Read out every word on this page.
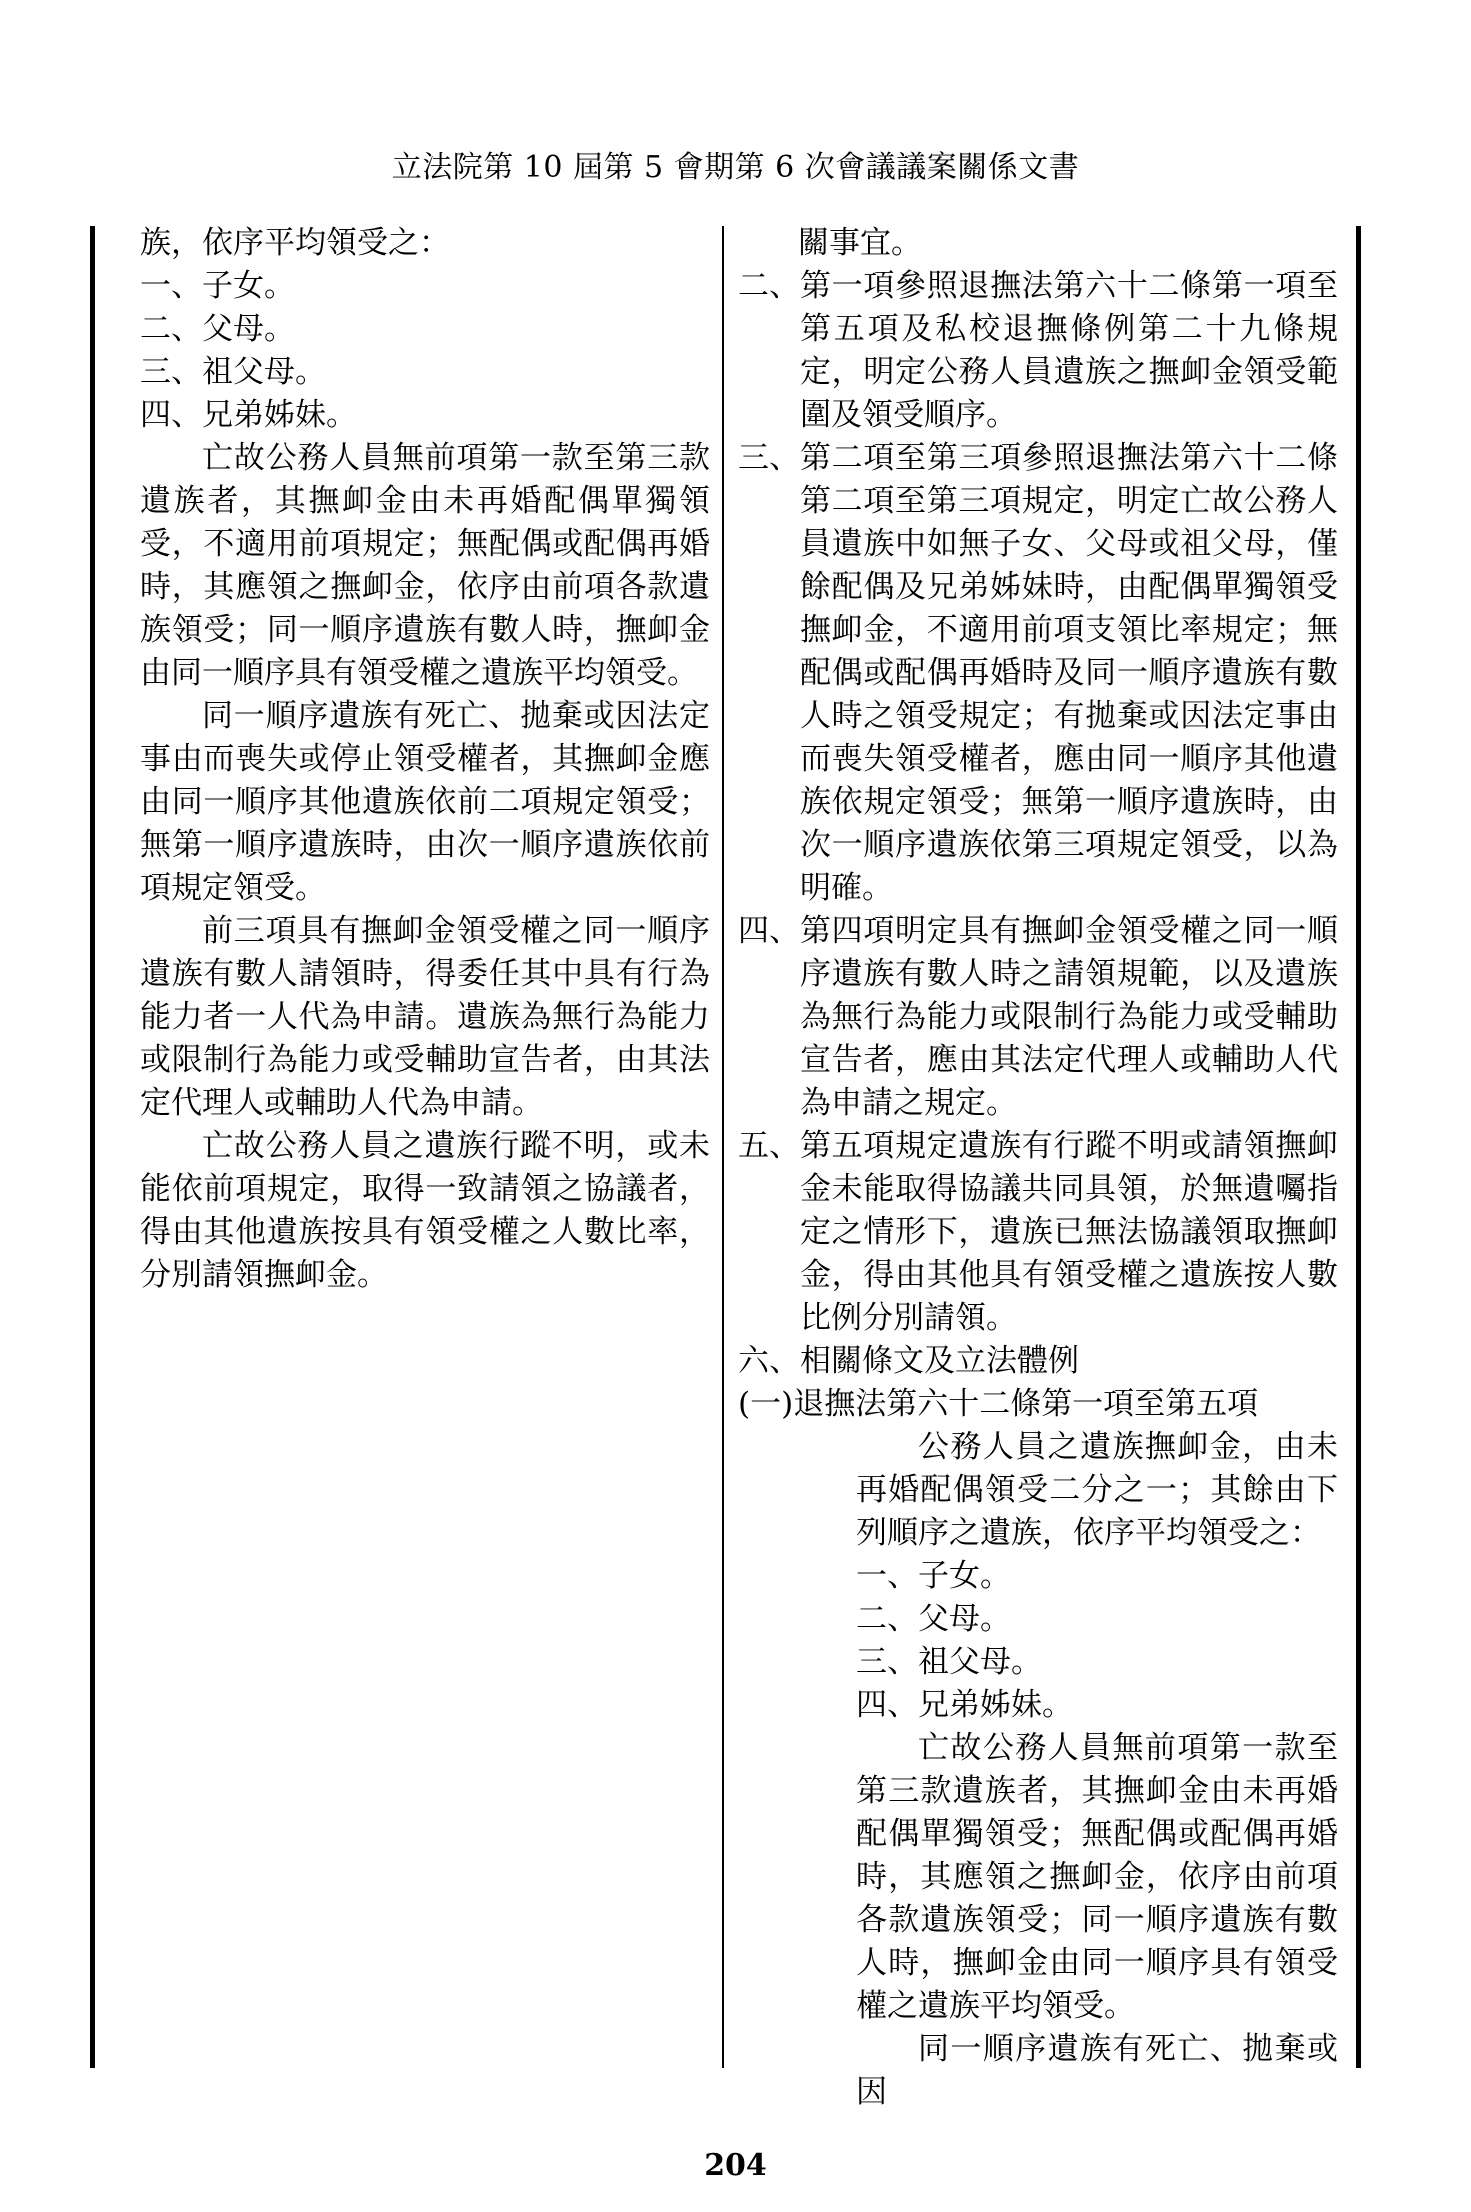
立法院第 10 屆第 5 會期第 6 次會議議案關係文書

族，依序平均領受之：

一、子女。

二、父母。

三、祖父母。

四、兄弟姊妹。

亡故公務人員無前項第一款至第三款遺族者，其撫卹金由未再婚配偶單獨領受，不適用前項規定；無配偶或配偶再婚時，其應領之撫卹金，依序由前項各款遺族領受；同一順序遺族有數人時，撫卹金由同一順序具有領受權之遺族平均領受。

同一順序遺族有死亡、拋棄或因法定事由而喪失或停止領受權者，其撫卹金應由同一順序其他遺族依前二項規定領受；無第一順序遺族時，由次一順序遺族依前項規定領受。

前三項具有撫卹金領受權之同一順序遺族有數人請領時，得委任其中具有行為能力者一人代為申請。遺族為無行為能力或限制行為能力或受輔助宣告者，由其法定代理人或輔助人代為申請。

亡故公務人員之遺族行蹤不明，或未能依前項規定，取得一致請領之協議者，得由其他遺族按具有領受權之人數比率，分別請領撫卹金。

關事宜。

二、 第一項參照退撫法第六十二條第一項至第五項及私校退撫條例第二十九條規定，明定公務人員遺族之撫卹金領受範圍及領受順序。
三、 第二項至第三項參照退撫法第六十二條第二項至第三項規定，明定亡故公務人員遺族中如無子女、父母或祖父母，僅餘配偶及兄弟姊妹時，由配偶單獨領受撫卹金，不適用前項支領比率規定；無配偶或配偶再婚時及同一順序遺族有數人時之領受規定；有拋棄或因法定事由而喪失領受權者，應由同一順序其他遺族依規定領受；無第一順序遺族時，由次一順序遺族依第三項規定領受，以為明確。
四、 第四項明定具有撫卹金領受權之同一順序遺族有數人時之請領規範，以及遺族為無行為能力或限制行為能力或受輔助宣告者，應由其法定代理人或輔助人代為申請之規定。
五、 第五項規定遺族有行蹤不明或請領撫卹金未能取得協議共同具領，於無遺囑指定之情形下，遺族已無法協議領取撫卹金，得由其他具有領受權之遺族按人數比例分別請領。
六、 相關條文及立法體例

(一)退撫法第六十二條第一項至第五項

公務人員之遺族撫卹金，由未再婚配偶領受二分之一；其餘由下列順序之遺族，依序平均領受之：

一、子女。

二、父母。

三、祖父母。

四、兄弟姊妹。

亡故公務人員無前項第一款至第三款遺族者，其撫卹金由未再婚配偶單獨領受；無配偶或配偶再婚時，其應領之撫卹金，依序由前項各款遺族領受；同一順序遺族有數人時，撫卹金由同一順序具有領受權之遺族平均領受。

同一順序遺族有死亡、拋棄或因

204
